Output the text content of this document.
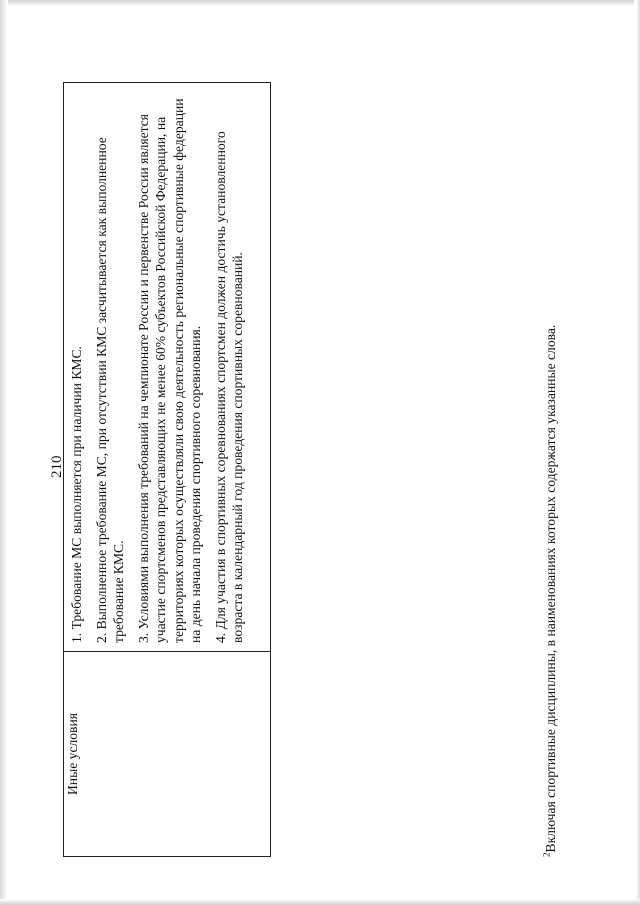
210
Иные условия	

1. Требование МС выполняется при наличии КМС. 2. Выполненное требование МС, при отсутствии КМС засчитывается как выполненное требование КМС. 3. Условиями выполнения требований на чемпионате России и первенстве России является участие спортсменов представляющих не менее 60% субъектов Российской Федерации, на территориях которых осуществляли свою деятельность региональные спортивные федерации на день начала проведения спортивного соревнования. 4. Для участия в спортивных соревнованиях спортсмен должен достичь установленного возраста в календарный год проведения спортивных соревнований.

$^2$Включая спортивные дисциплины, в наименованиях которых содержатся указанные слова.
